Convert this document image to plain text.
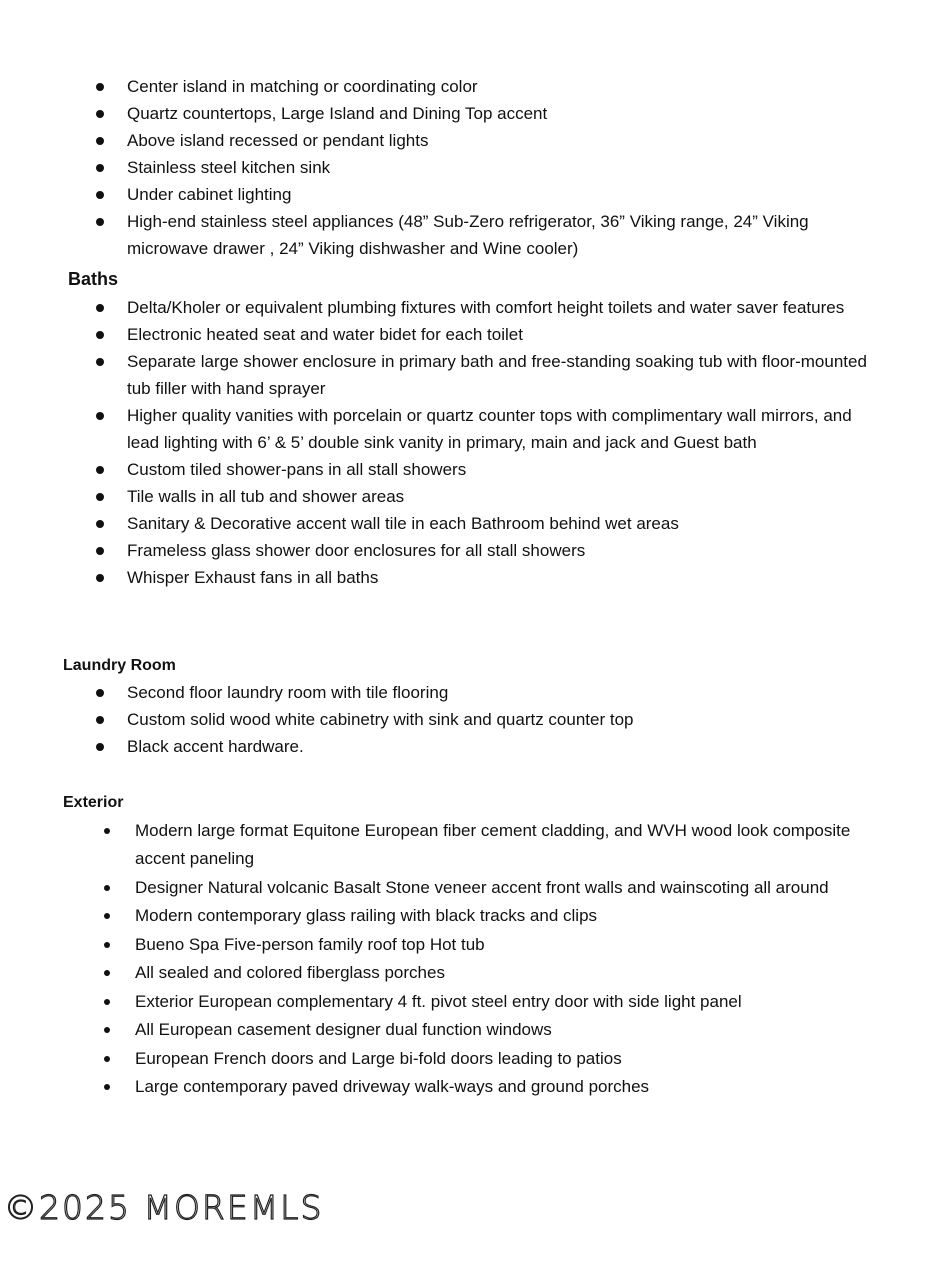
Center island in matching or coordinating color
Quartz countertops, Large Island and Dining Top accent
Above island recessed or pendant lights
Stainless steel kitchen sink
Under cabinet lighting
High-end stainless steel appliances (48” Sub-Zero refrigerator, 36” Viking range, 24” Viking microwave drawer , 24” Viking dishwasher and Wine cooler)
Baths
Delta/Kholer or equivalent plumbing fixtures with comfort height toilets and water saver features
Electronic heated seat and water bidet for each toilet
Separate large shower enclosure in primary bath and free-standing soaking tub with floor-mounted tub filler with hand sprayer
Higher quality vanities with porcelain or quartz counter tops with complimentary wall mirrors, and lead lighting with 6’ & 5’ double sink vanity in primary, main and jack and Guest bath
Custom tiled shower-pans in all stall showers
Tile walls in all tub and shower areas
Sanitary & Decorative accent wall tile in each Bathroom behind wet areas
Frameless glass shower door enclosures for all stall showers
Whisper Exhaust fans in all baths
Laundry Room
Second floor laundry room with tile flooring
Custom solid wood white cabinetry with sink and quartz counter top
Black accent hardware.
Exterior
Modern large format Equitone European fiber cement cladding, and WVH wood look composite accent paneling
Designer Natural volcanic Basalt Stone veneer accent front walls and wainscoting all around
Modern contemporary glass railing with black tracks and clips
Bueno Spa Five-person family roof top Hot tub
All sealed and colored fiberglass porches
Exterior European complementary 4 ft. pivot steel entry door with side light panel
All European casement designer dual function windows
European French doors and Large bi-fold doors leading to patios
Large contemporary paved driveway walk-ways and ground porches
©2025 MOREMLS
